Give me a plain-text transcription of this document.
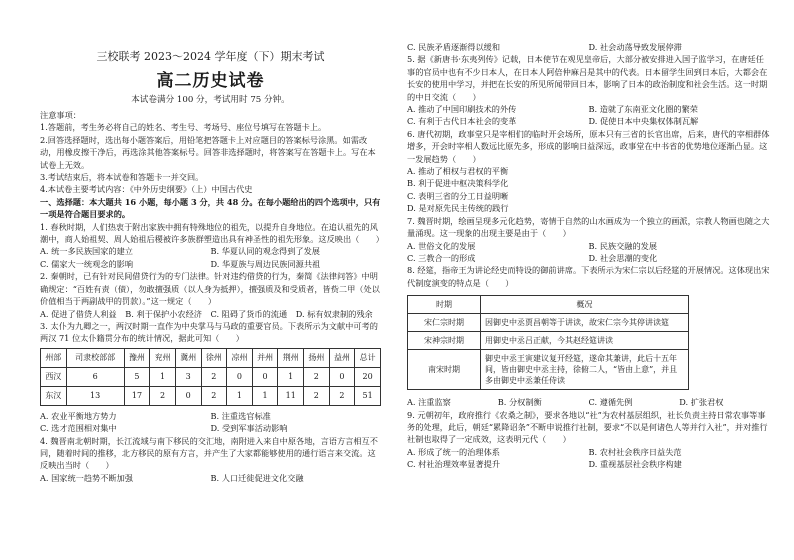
三校联考 2023～2024 学年度（下）期末考试

高二历史试卷

本试卷满分 100 分，考试用时 75 分钟。

注意事项：

1.答题前，考生务必将自己的姓名、考生号、考场号、座位号填写在答题卡上。

2.回答选择题时，选出每小题答案后，用铅笔把答题卡上对应题目的答案标号涂黑。如需改动，用橡皮擦干净后，再选涂其他答案标号。回答非选择题时，将答案写在答题卡上。写在本试卷上无效。

3.考试结束后，将本试卷和答题卡一并交回。

4.本试卷主要考试内容：《中外历史纲要》（上）中国古代史

一、选择题：本大题共 16 小题，每小题 3 分，共 48 分。在每小题给出的四个选项中，只有一项是符合题目要求的。

1. 春秋时期，人们热衷于附出家族中拥有特殊地位的祖先，以提升自身地位。在追认祖先的风潮中，商人始祖契、周人始祖后稷被许多族群塑造出具有神圣性的祖先形象。这反映出（　　）

A. 统一多民族国家的建立	B. 华夏认同的观念得到了发展
C. 儒家大一统观念的影响	D. 华夏族与周边民族同源共祖

2. 秦朝时，已有针对民间借贷行为的专门法律。针对违约借贷的行为，秦简《法律问答》中明确规定：“百姓有责（债），勿敢擅强质（以人身为抵押），擅强质及和受质者，皆赀二甲（处以价值相当于两副战甲的罚款）。”这一规定（　　）

A. 促进了借贷人利益	B. 利于保护小农经济	C. 阻碍了货币的流通	D. 标有奴隶制的残余

3. 太仆为九卿之一，两汉时期一直作为中央掌马与马政的重要官员。下表所示为文献中可考的两汉 71 位太仆籍贯分布的统计情况，据此可知（　　）

州部	司隶校部部	豫州	兖州	冀州	徐州	凉州	并州	荆州	扬州	益州	总计
西汉	6	5	1	3	2	0	0	1	2	0	20
东汉	13	17	2	0	2	1	1	11	2	2	51
A. 农业平衡地方势力	B. 注重选官标准
C. 选才范围相对集中	D. 受到军事活动影响

4. 魏晋南北朝时期，长江流域与南下移民的交汇地，南附进入来自中原各地，言语方言相互不同，随着时间的推移，北方移民的原有方言，并产生了大家都能够使用的通行语言来交流。这反映出当时（　　）

A. 国家统一趋势不断加强	B. 人口迁徙促进文化交融
C. 民族矛盾逐渐得以缓和	D. 社会动荡导致发展停滞

5. 据《新唐书·东夷列传》记载，日本使节在观见皇帝后，大部分被安排进入国子监学习，在唐廷任事的官员中也有不少日本人，在日本人阿倍仲麻吕是其中的代表。日本留学生回到日本后，大都会在长安的使用中学习，并把在长安的所见所闻带回日本，影响了日本的政治制度和社会生活。这一时期的中日交流（　　）

A. 推动了中国印刷技术的外传	B. 造就了东南亚文化圈的繁荣
C. 有利于古代日本社会的变革	D. 促使日本中央集权体制瓦解

6. 唐代初期，政事堂只是宰相们的临时开会场所，原本只有三省的长官出席，后来，唐代的宰相群体增多，开会时宰相人数远比原先多，形成的影响日益深远，政事堂在中书省的优势地位逐渐凸显。这一发展趋势（　　）

A. 推动了相权与君权的平衡

B. 利于促进中枢决策科学化

C. 表明三省的分工日益明晰

D. 是对原先民主传统的践行

7. 魏晋时期，绘画呈现多元化趋势，寄情于自然的山水画成为一个独立的画派，宗教人物画也随之大量涌现。这一现象的出现主要是由于（　　）

A. 世俗文化的发展	B. 民族交融的发展
C. 三教合一的形成	D. 社会思潮的变化

8. 经筵，指帝王为讲论经史而特设的御前讲席。下表所示为宋仁宗以后经筵的开展情况。这体现出宋代制度演变的特点是（　　）

时期	概况
宋仁宗时期	因御史中丞贾昌朝等于讲读，故宋仁宗今其停讲读筵
宋神宗时期	用御史中丞吕正献，今其赵经筵讲读
南宋时期	御史中丞王寅建议复开经筵，遂命其兼讲，此后十五年间，皆由御史中丞主持，徐俯二人，“皆由上意”，并且多由御史中丞兼任侍读
A. 注重监察	B. 分权制衡	C. 遵循先例	D. 扩张君权

9. 元朝初年，政府推行《农桑之制》，要求各地以“社”为农村基层组织，社长负责主持日常农事等事务的处理，此后，朝廷“累降诏条”不断申说推行社制，要求“不以是何诸色人等并行入社”，并对推行社制也取得了一定成效，这表明元代（　　）

A. 形成了统一的治理体系	B. 农村社会秩序日益失范
C. 村社治理效率显著提升	D. 重视基层社会秩序构建
